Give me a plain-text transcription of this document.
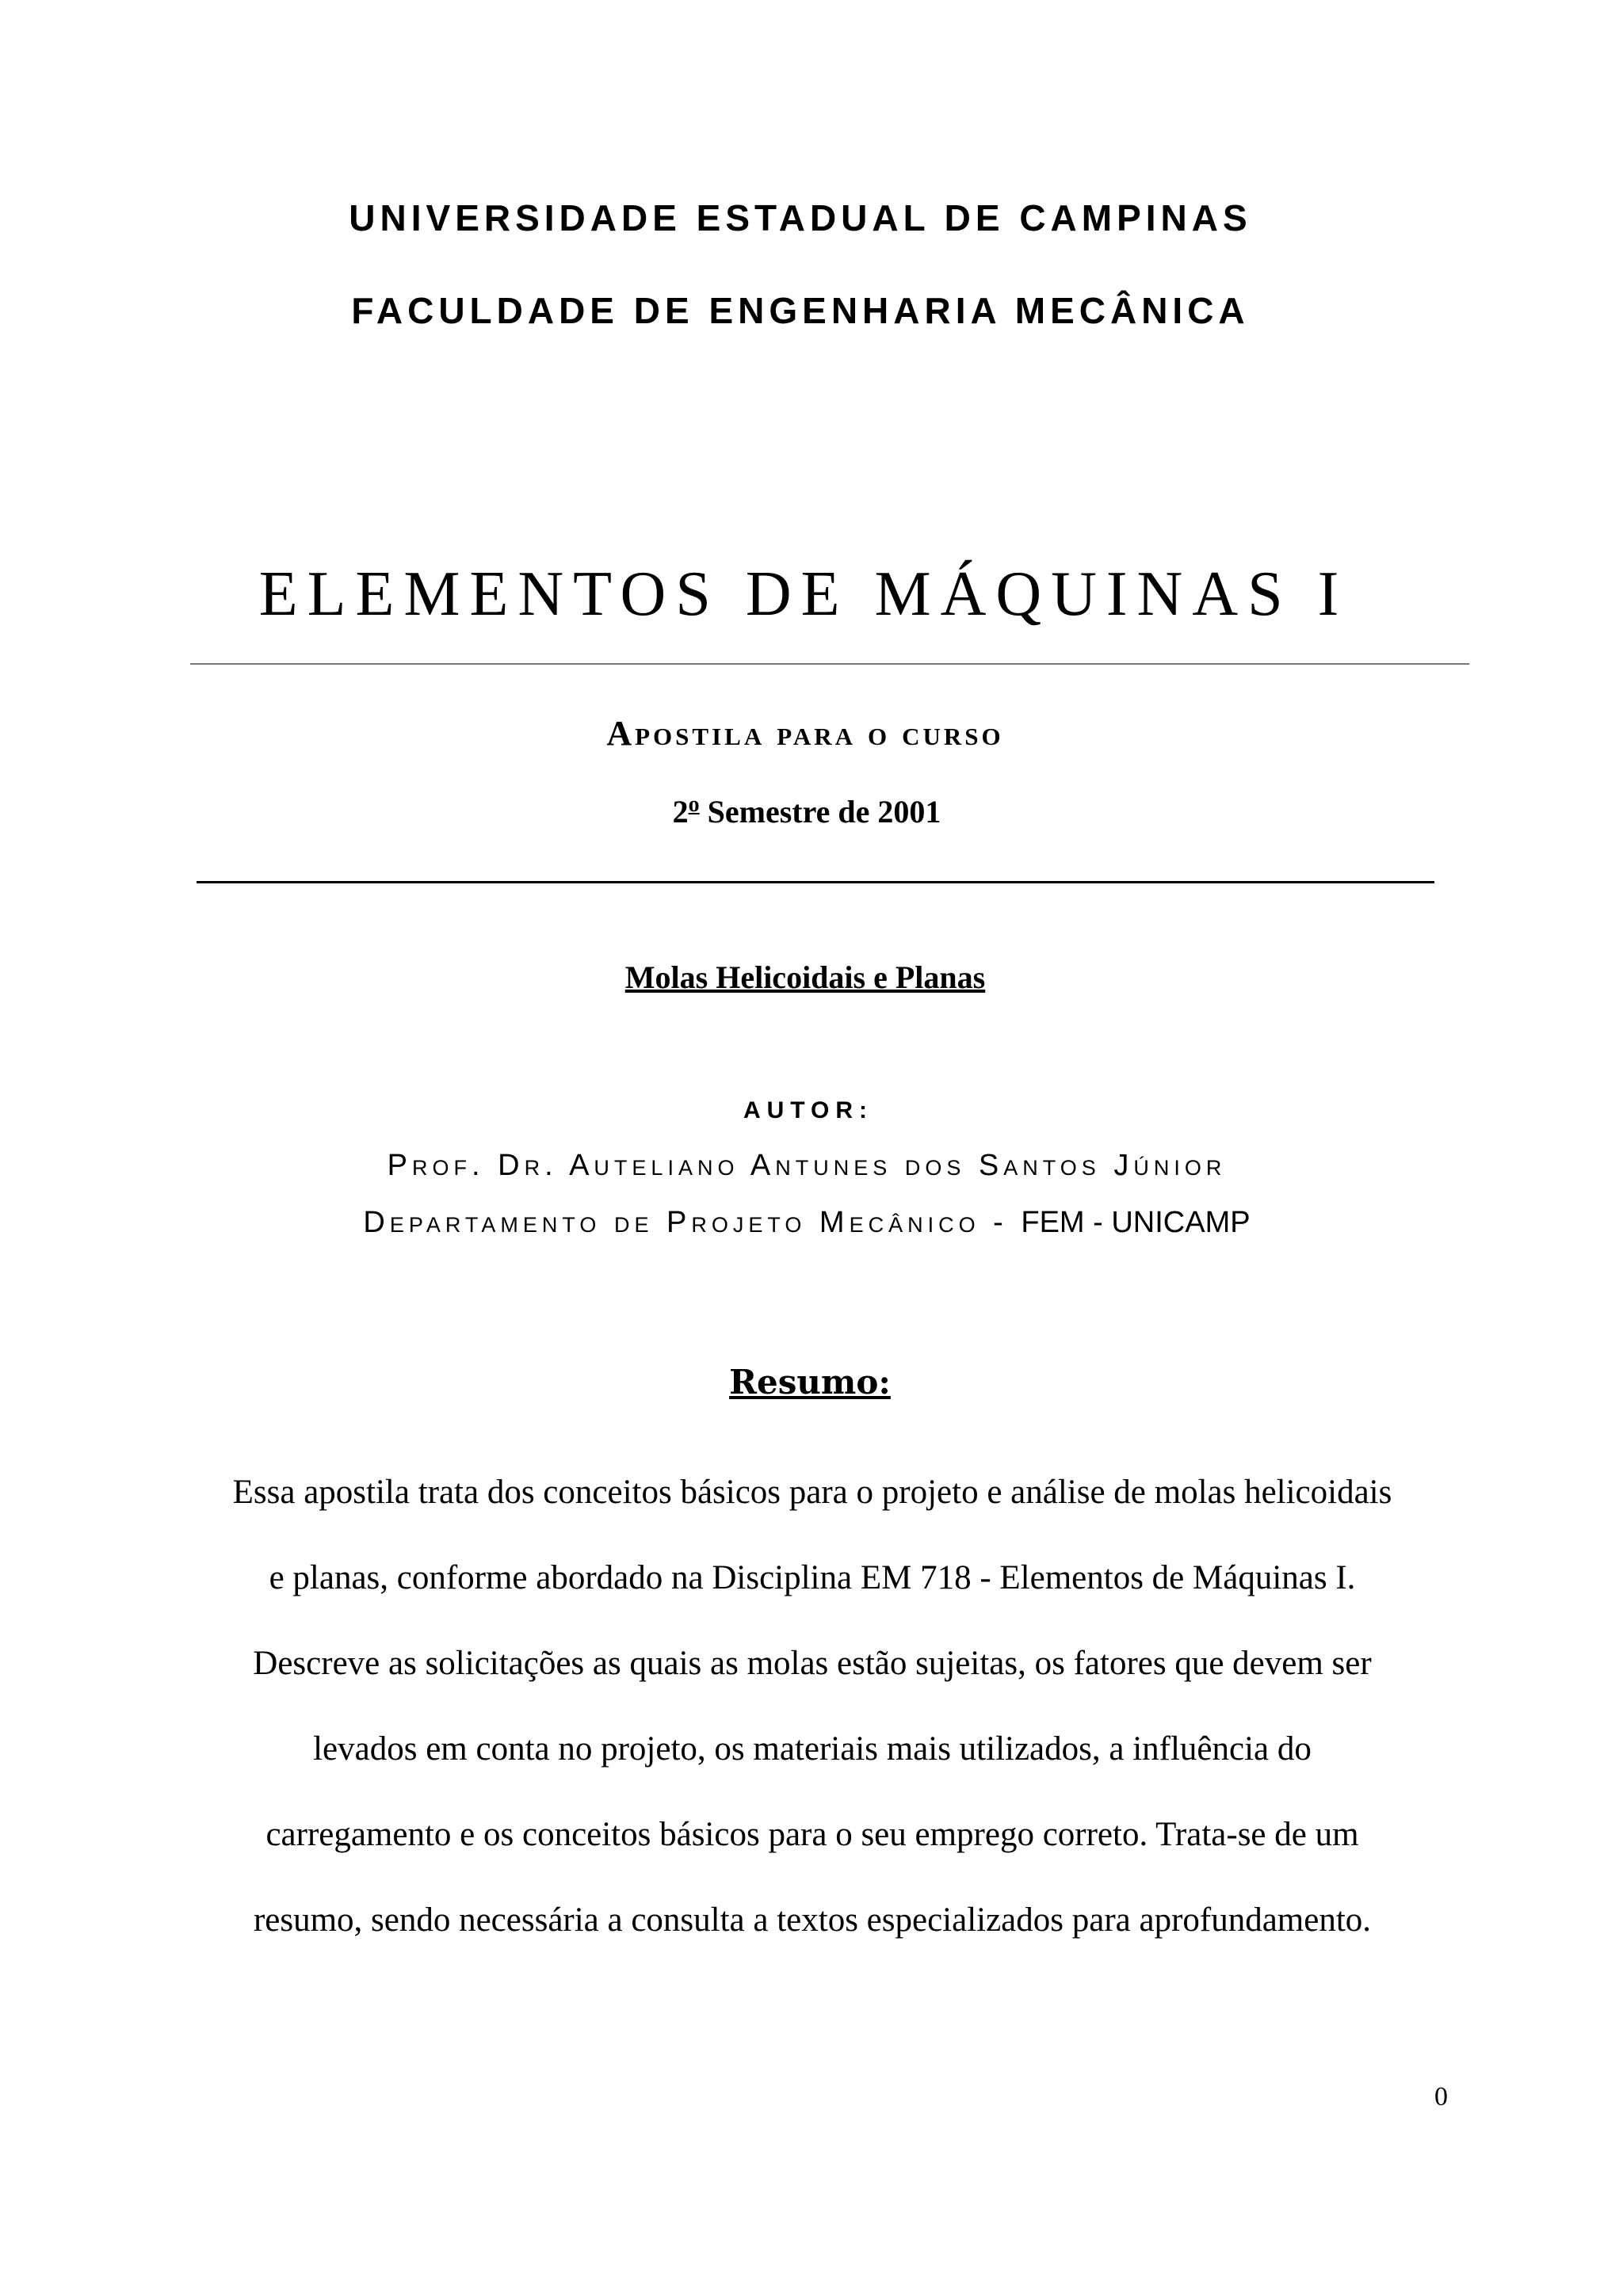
UNIVERSIDADE ESTADUAL DE CAMPINAS
FACULDADE DE ENGENHARIA MECÂNICA
ELEMENTOS DE MÁQUINAS I
Apostila para o curso
2$^o$ Semestre de 2001
Molas Helicoidais e Planas
AUTOR:
Prof. Dr. Auteliano Antunes dos Santos Júnior
Departamento de Projeto Mecânico - FEM - UNICAMP
Resumo:
Essa apostila trata dos conceitos básicos para o projeto e análise de molas helicoidais
e planas, conforme abordado na Disciplina EM 718 - Elementos de Máquinas I.
Descreve as solicitações as quais as molas estão sujeitas, os fatores que devem ser
levados em conta no projeto, os materiais mais utilizados, a influência do
carregamento e os conceitos básicos para o seu emprego correto. Trata-se de um
resumo, sendo necessária a consulta a textos especializados para aprofundamento.
0
